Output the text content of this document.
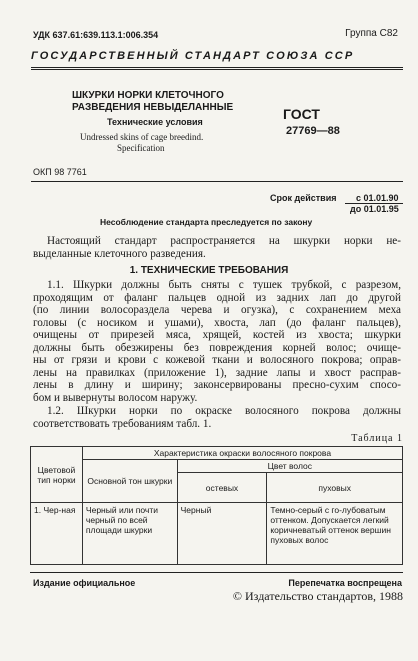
УДК 637.61:639.113.1:006.354	Группа С82
ГОСУДАРСТВЕННЫЙ СТАНДАРТ СОЮЗА ССР
ШКУРКИ НОРКИ КЛЕТОЧНОГО
РАЗВЕДЕНИЯ НЕВЫДЕЛАННЫЕ
Технические условия
Undressed skins of cage breedind.
Specification
ГОСТ
27769—88
ОКП 98 7761
Срок действия с 01.01.90
до 01.01.95
Несоблюдение стандарта преследуется по закону
Настоящий стандарт распространяется на шкурки норки не-
выделанные клеточного разведения.
1. ТЕХНИЧЕСКИЕ ТРЕБОВАНИЯ
1.1. Шкурки должны быть сняты с тушек трубкой, с разрезом,
проходящим от фаланг пальцев одной из задних лап до другой
(по линии волосораздела черева и огузка), с сохранением меха
головы (с носиком и ушами), хвоста, лап (до фаланг пальцев),
очищены от прирезей мяса, хрящей, костей из хвоста; шкурки
должны быть обезжирены без повреждения корней волос; очище-
ны от грязи и крови с кожевой ткани и волосяного покрова; оправ-
лены на правилках (приложение 1), задние лапы и хвост расправ-
лены в длину и ширину; законсервированы пресно-сухим спосо-
бом и вывернуты волосом наружу.
1.2. Шкурки норки по окраске волосяного покрова должны
соответствовать требованиям табл. 1.
Таблица 1
Цветовой тип норки	Характеристика окраски волосяного покрова		
	Основной тон шкурки	Цвет волос	
		остевых	пуховых
1. Чер-ная	Черный или почти черный по всей площади шкурки	Черный	Темно-серый с го-лубоватым оттенком. Допускается легкий коричневатый оттенок вершин пуховых волос
Издание официальное	Перепечатка воспрещена
© Издательство стандартов, 1988
